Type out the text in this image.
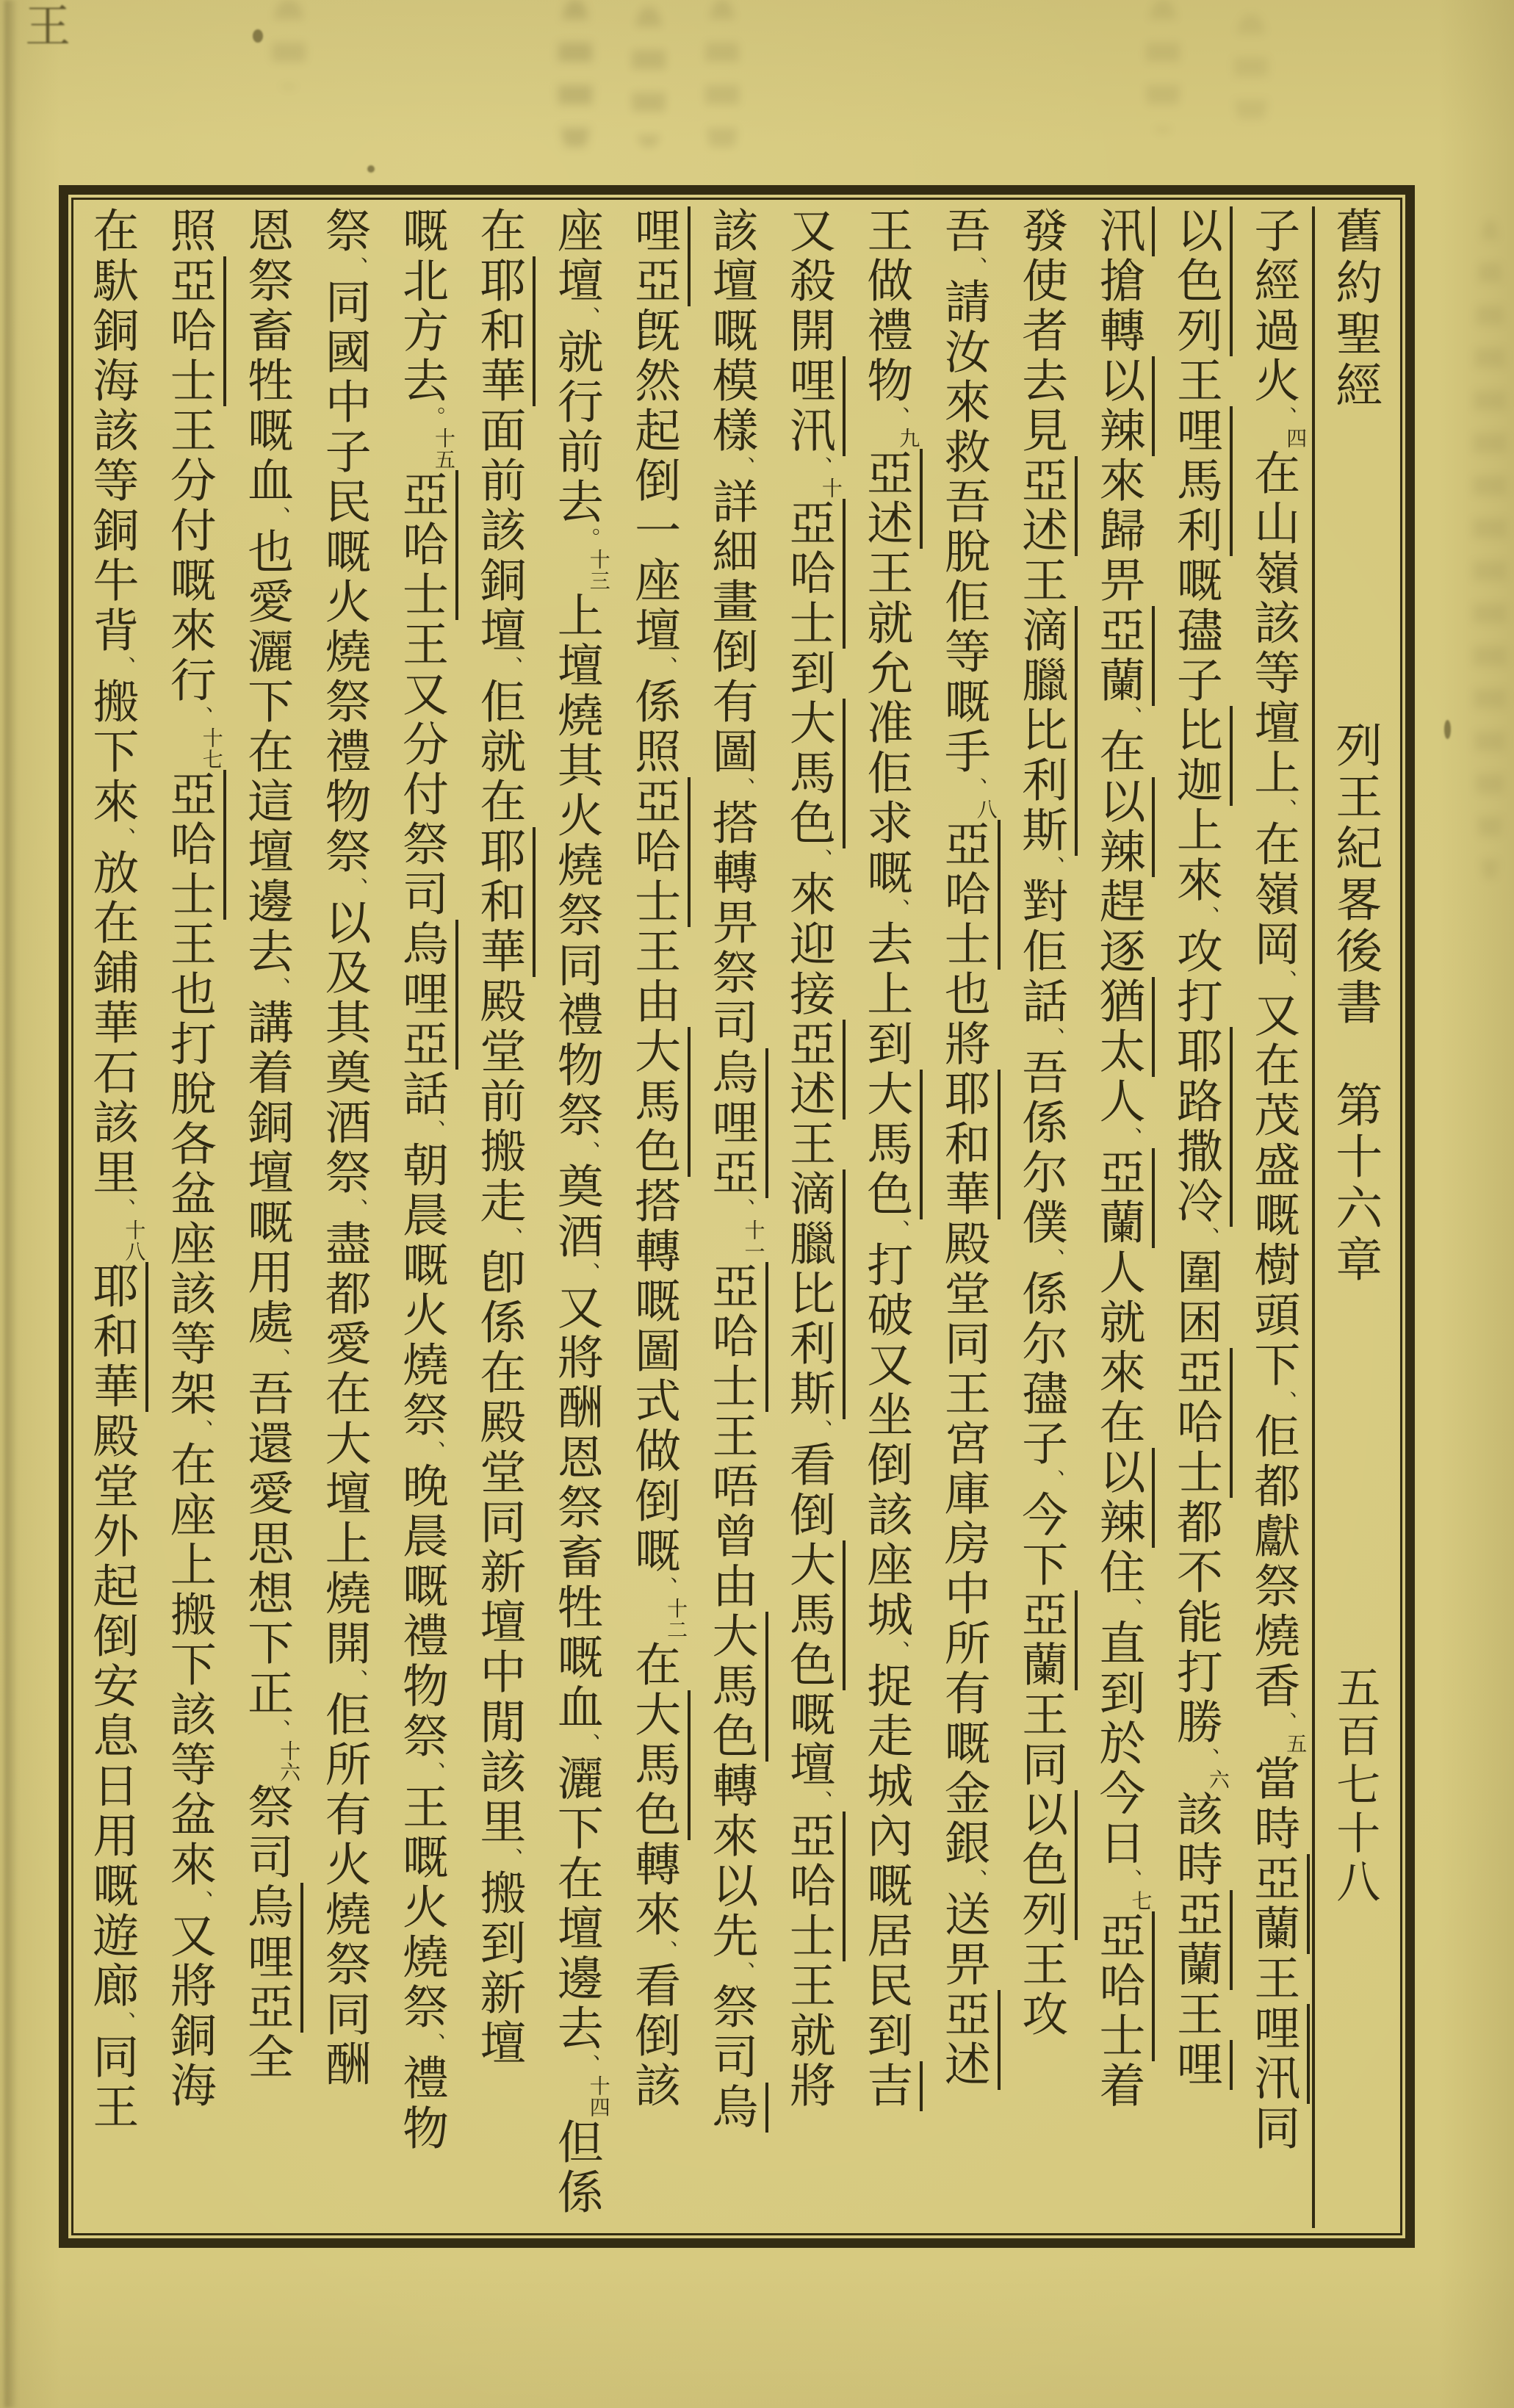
王
舊約聖經　　　　　　列王紀畧後書　第十六章
五百七十八
子經過火、四在山嶺該等壇上、在嶺岡、又在茂盛嘅樹頭下、佢都獻祭燒香、五當時亞蘭王哩汛同
以色列王哩馬利嘅孻子比迦上來、攻打耶路撒冷、圍困亞哈士都不能打勝、六該時亞蘭王哩
汛搶轉以辣來歸畀亞蘭、在以辣趕逐猶太人、亞蘭人就來在以辣住、直到於今日、七亞哈士着
發使者去見亞述王滴臘比利斯、對佢話、吾係尔僕、係尔孻子、今下亞蘭王同以色列王攻
吾、請汝來救吾脫佢等嘅手、八亞哈士也將耶和華殿堂同王宮庫房中所有嘅金銀、送畀亞述
王做禮物、九亞述王就允准佢求嘅、去上到大馬色、打破又坐倒該座城、捉走城內嘅居民到吉
又殺開哩汛、十亞哈士到大馬色、來迎接亞述王滴臘比利斯、看倒大馬色嘅壇、亞哈士王就將
該壇嘅模樣、詳細畫倒有圖、搭轉畀祭司烏哩亞、十一亞哈士王唔曾由大馬色轉來以先、祭司烏
哩亞旣然起倒一座壇、係照亞哈士王由大馬色搭轉嘅圖式做倒嘅、十二在大馬色轉來、看倒該
座壇、就行前去。十三上壇燒其火燒祭同禮物祭、奠酒、又將酬恩祭畜牲嘅血、灑下在壇邊去、十四但係
在耶和華面前該銅壇、佢就在耶和華殿堂前搬走、卽係在殿堂同新壇中閒該里、搬到新壇
嘅北方去。十五亞哈士王又分付祭司烏哩亞話、朝晨嘅火燒祭、晚晨嘅禮物祭、王嘅火燒祭、禮物
祭、同國中子民嘅火燒祭禮物祭、以及其奠酒祭、盡都愛在大壇上燒開、佢所有火燒祭同酬
恩祭畜牲嘅血、也愛灑下在這壇邊去、講着銅壇嘅用處、吾還愛思想下正、十六祭司烏哩亞全
照亞哈士王分付嘅來行、十七亞哈士王也打脫各盆座該等架、在座上搬下該等盆來、又將銅海
在馱銅海該等銅牛背、搬下來、放在鋪華石該里、十八耶和華殿堂外起倒安息日用嘅遊廊、同王
